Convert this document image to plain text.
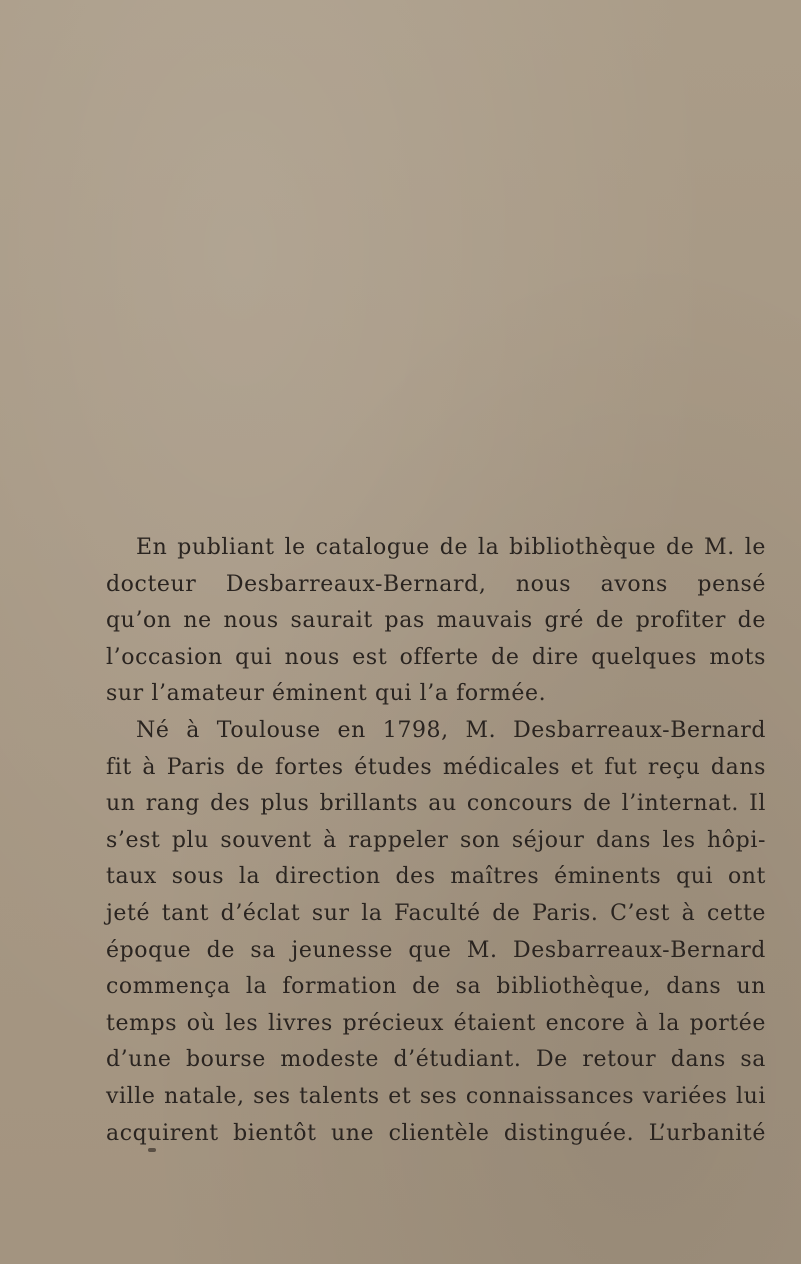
En publiant le catalogue de la bibliothèque de M. le
docteur Desbarreaux-Bernard, nous avons pensé
qu’on ne nous saurait pas mauvais gré de profiter de
l’occasion qui nous est offerte de dire quelques mots
sur l’amateur éminent qui l’a formée.
Né à Toulouse en 1798, M. Desbarreaux-Bernard
fit à Paris de fortes études médicales et fut reçu dans
un rang des plus brillants au concours de l’internat. Il
s’est plu souvent à rappeler son séjour dans les hôpi-
taux sous la direction des maîtres éminents qui ont
jeté tant d’éclat sur la Faculté de Paris. C’est à cette
époque de sa jeunesse que M. Desbarreaux-Bernard
commença la formation de sa bibliothèque, dans un
temps où les livres précieux étaient encore à la portée
d’une bourse modeste d’étudiant. De retour dans sa
ville natale, ses talents et ses connaissances variées lui
acquirent bientôt une clientèle distinguée. L’urbanité
